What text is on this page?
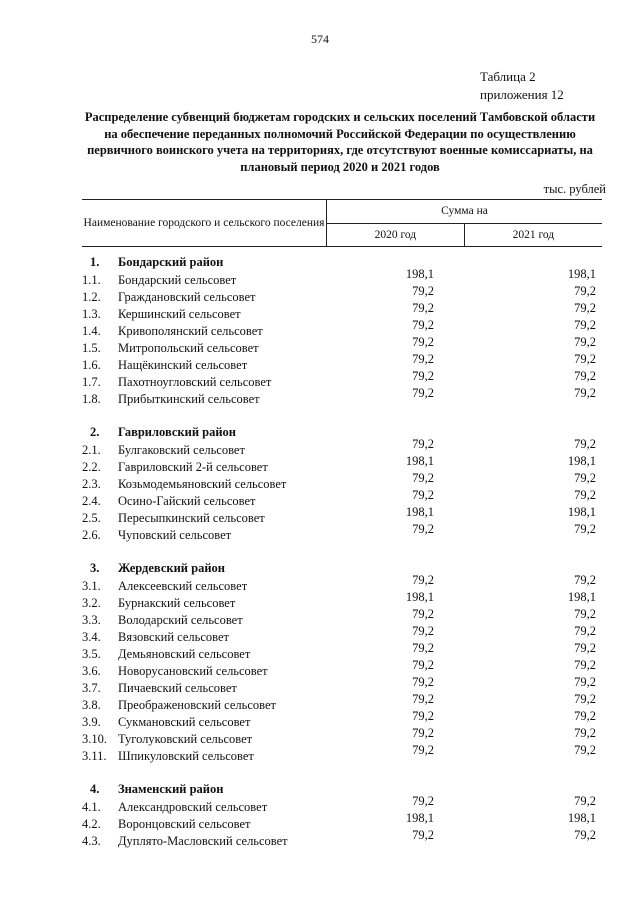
574
Таблица 2
приложения 12
Распределение субвенций бюджетам городских и сельских поселений Тамбовской области на обеспечение переданных полномочий Российской Федерации по осуществлению первичного воинского учета на территориях, где отсутствуют военные комиссариаты, на плановый период 2020 и 2021 годов
тыс. рублей
Наименование городского и сельского поселения	Сумма на	
	2020 год	2021 год
1. Бондарский район
1.1. Бондарский сельсовет	198,1	198,1
1.2. Граждановский сельсовет	79,2	79,2
1.3. Кершинский сельсовет	79,2	79,2
1.4. Кривополянский сельсовет	79,2	79,2
1.5. Митропольский сельсовет	79,2	79,2
1.6. Нащёкинский сельсовет	79,2	79,2
1.7. Пахотноугловский сельсовет	79,2	79,2
1.8. Прибыткинский сельсовет	79,2	79,2
2. Гавриловский район
2.1. Булгаковский сельсовет	79,2	79,2
2.2. Гавриловский 2-й сельсовет	198,1	198,1
2.3. Козьмодемьяновский сельсовет	79,2	79,2
2.4. Осино-Гайский сельсовет	79,2	79,2
2.5. Пересыпкинский сельсовет	198,1	198,1
2.6. Чуповский сельсовет	79,2	79,2
3. Жердевский район
3.1. Алексеевский сельсовет	79,2	79,2
3.2. Бурнакский сельсовет	198,1	198,1
3.3. Володарский сельсовет	79,2	79,2
3.4. Вязовский сельсовет	79,2	79,2
3.5. Демьяновский сельсовет	79,2	79,2
3.6. Новорусановский сельсовет	79,2	79,2
3.7. Пичаевский сельсовет	79,2	79,2
3.8. Преображеновский сельсовет	79,2	79,2
3.9. Сукмановский сельсовет	79,2	79,2
3.10. Туголуковский сельсовет	79,2	79,2
3.11. Шпикуловский сельсовет	79,2	79,2
4. Знаменский район
4.1. Александровский сельсовет	79,2	79,2
4.2. Воронцовский сельсовет	198,1	198,1
4.3. Дуплято-Масловский сельсовет	79,2	79,2
